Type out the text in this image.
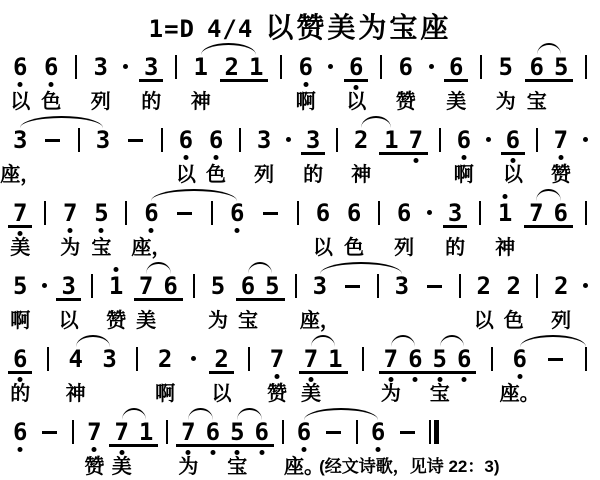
1=D 4/4 以赞美为宝座
6 6 3 3 1 2 1 6 6 6 6 5 6 5
以 色 列 的 神	啊 以 赞 美 为 宝
3	3	6 6 3 3 2 1 7 6 6 7
座，	以 色 列 的 神	啊 以 赞
7 7 5 6	6	6 6 6 3 1 7 6
美 为 宝 座，	以 色 列 的 神
5 3 1 7 6 5 6 5 3	3	2 2 2
啊 以 赞 美	为 宝 座，	以 色 列
6 4 3 2 2 7 7 1 7 6 5 6 6
的 神	啊 以 赞 美	为 宝 座。
6 7 7 1 7 6 5 6 6 6
赞 美 为 宝 座。
(经文诗歌，见诗 22：3)
